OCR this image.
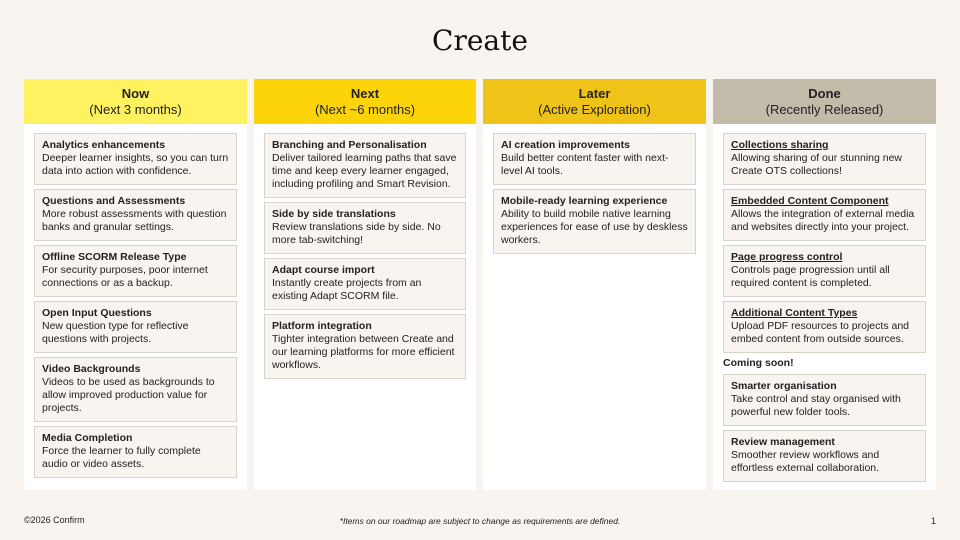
Create
Now
(Next 3 months)
Analytics enhancements
Deeper learner insights, so you can turn data into action with confidence.
Questions and Assessments
More robust assessments with question banks and granular settings.
Offline SCORM Release Type
For security purposes, poor internet connections or as a backup.
Open Input Questions
New question type for reflective questions with projects.
Video Backgrounds
Videos to be used as backgrounds to allow improved production value for projects.
Media Completion
Force the learner to fully complete audio or video assets.
Next
(Next ~6 months)
Branching and Personalisation
Deliver tailored learning paths that save time and keep every learner engaged, including profiling and Smart Revision.
Side by side translations
Review translations side by side. No more tab-switching!
Adapt course import
Instantly create projects from an existing Adapt SCORM file.
Platform integration
Tighter integration between Create and our learning platforms for more efficient workflows.
Later
(Active Exploration)
AI creation improvements
Build better content faster with next-level AI tools.
Mobile-ready learning experience
Ability to build mobile native learning experiences for ease of use by deskless workers.
Done
(Recently Released)
Collections sharing
Allowing sharing of our stunning new Create OTS collections!
Embedded Content Component
Allows the integration of external media and websites directly into your project.
Page progress control
Controls page progression until all required content is completed.
Additional Content Types
Upload PDF resources to projects and embed content from outside sources.
Coming soon!
Smarter organisation
Take control and stay organised with powerful new folder tools.
Review management
Smoother review workflows and effortless external collaboration.
©2026 Confirm	*Items on our roadmap are subject to change as requirements are defined.	1
